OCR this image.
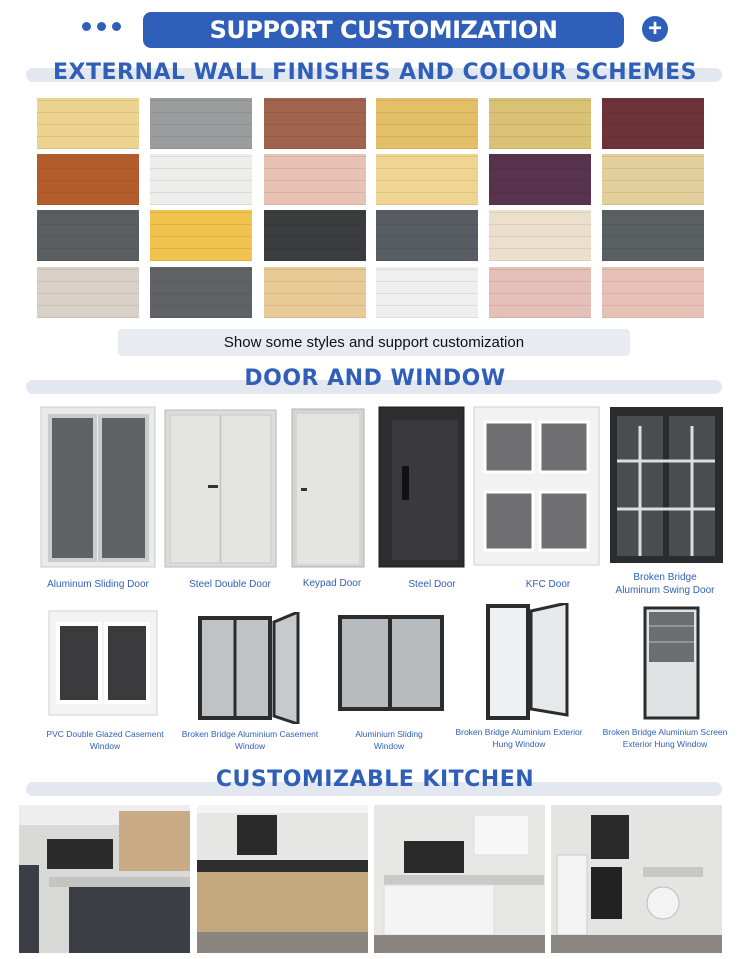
SUPPORT CUSTOMIZATION	+
EXTERNAL WALL FINISHES AND COLOUR SCHEMES
Show some styles and support customization
DOOR AND WINDOW
Aluminum Sliding Door	Steel Double Door	Keypad Door	Steel Door	KFC Door
Broken Bridge
Aluminum Swing Door
PVC Double Glazed Casement
Window
Broken Bridge Aluminium Casement
Window
Aluminium Sliding
Window
Broken Bridge Aluminium Exterior
Hung Window
Broken Bridge Aluminium Screen
Exterior Hung Window
CUSTOMIZABLE KITCHEN
